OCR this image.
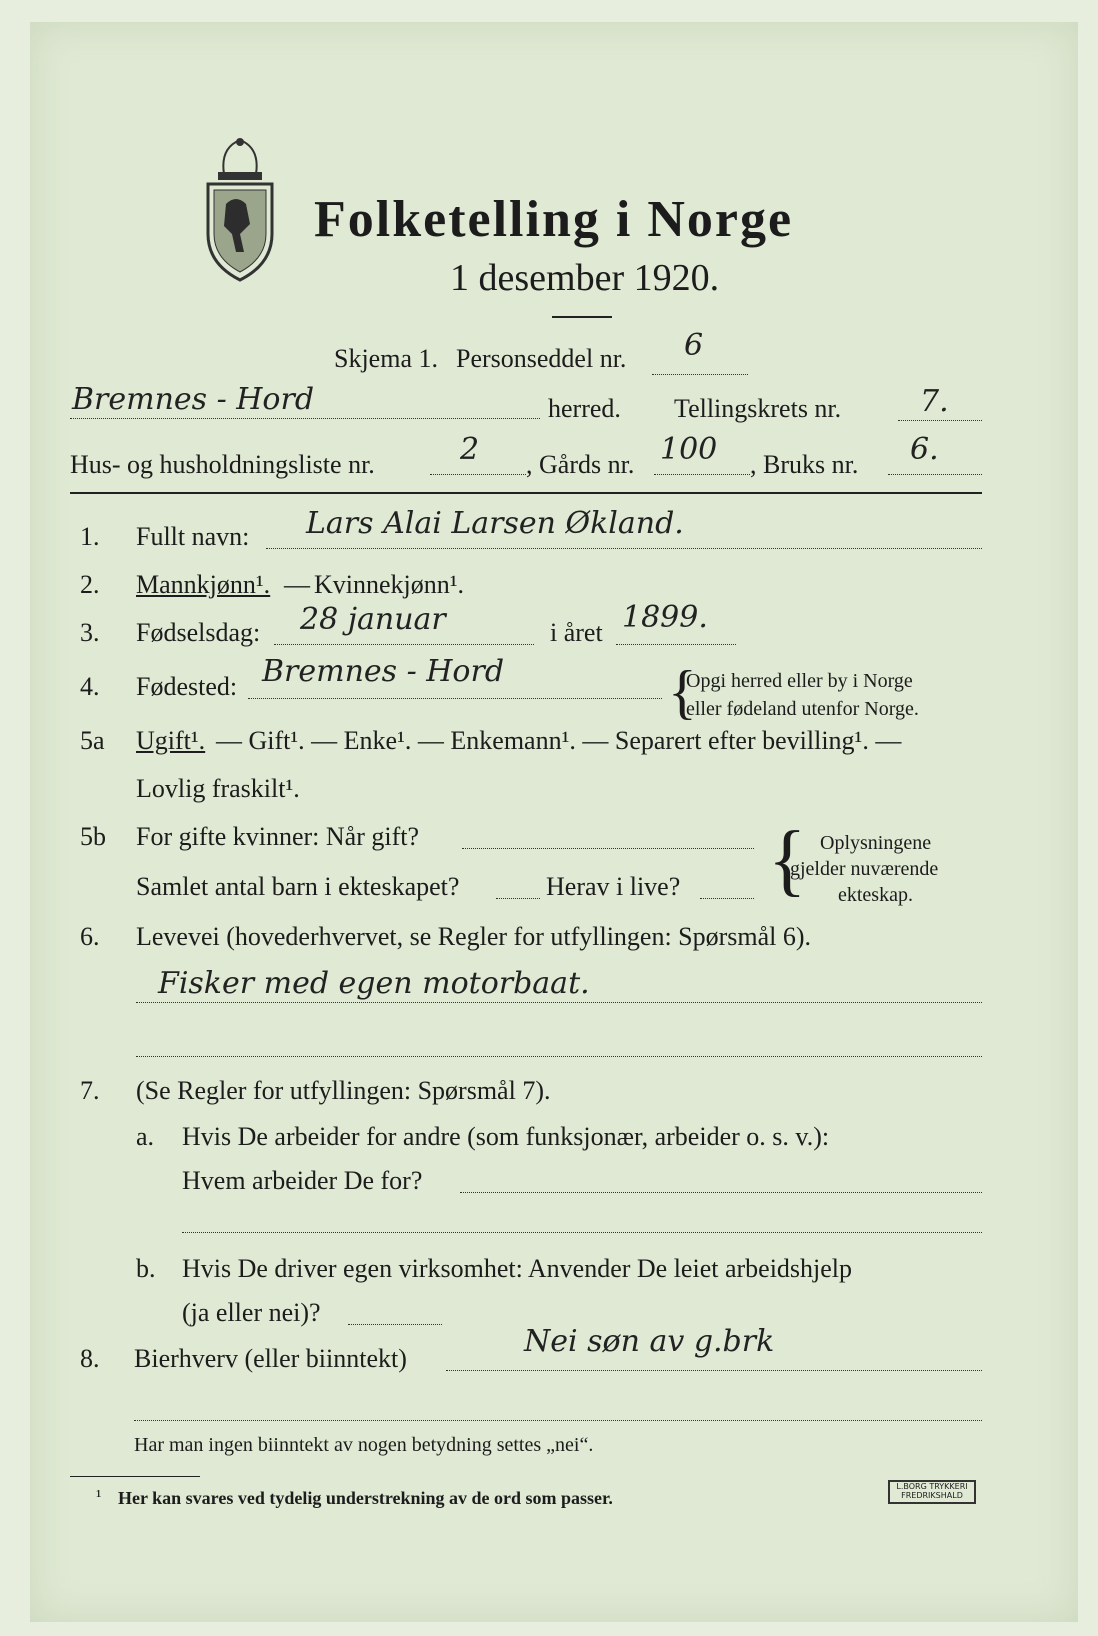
Folketelling i Norge
1 desember 1920.
Skjema 1. Personseddel nr. 6
Bremnes - Hord	herred. Tellingskrets nr.	7.
Hus- og husholdningsliste nr.	2 , Gårds nr. 100 , Bruks nr. 6.
1. Fullt navn: Lars Alai Larsen Økland.
2. Mannkjønn¹. — Kvinnekjønn¹.
3. Fødselsdag: 28 januar	i året 1899.
4. Fødested: Bremnes - Hord	{
Opgi herred eller by i Norge
eller fødeland utenfor Norge.
5a Ugift¹. — Gift¹. — Enke¹. — Enkemann¹. — Separert efter bevilling¹. —
Lovlig fraskilt¹.
5b For gifte kvinner: Når gift?
Samlet antal barn i ekteskapet?	Herav i live? { Oplysningene
gjelder nuværende
ekteskap.
6. Levevei (hovederhvervet, se Regler for utfyllingen: Spørsmål 6).
Fisker med egen motorbaat.
7. (Se Regler for utfyllingen: Spørsmål 7).
a. Hvis De arbeider for andre (som funksjonær, arbeider o. s. v.):
Hvem arbeider De for?
b. Hvis De driver egen virksomhet: Anvender De leiet arbeidshjelp
(ja eller nei)?
8. Bierhverv (eller biinntekt)	Nei søn av g.brk
Har man ingen biinntekt av nogen betydning settes „nei“.
¹ Her kan svares ved tydelig understrekning av de ord som passer.
L.BORG TRYKKERI
FREDRIKSHALD
